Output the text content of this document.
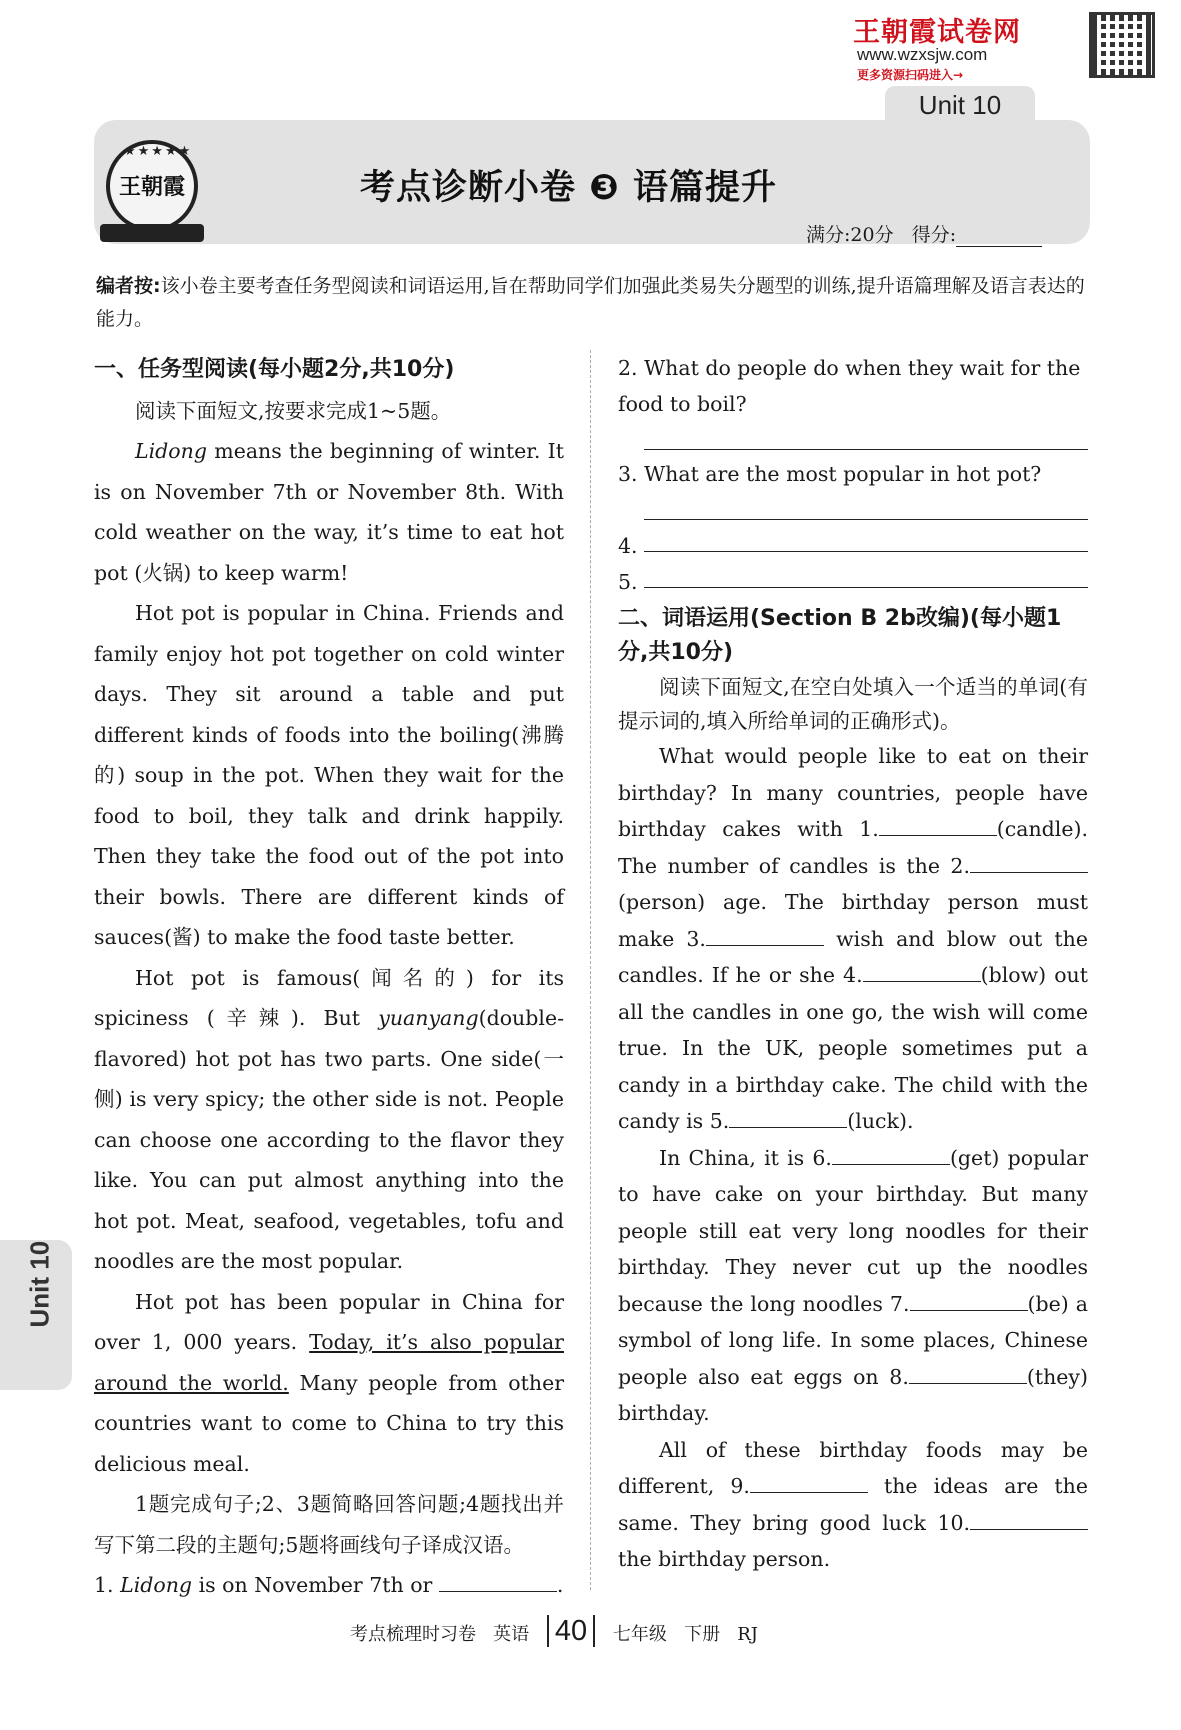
王朝霞试卷网
www.wzxsjw.com
更多资源扫码进入→
Unit 10
★★★★★
王朝霞	考点诊断小卷 ❸ 语篇提升
满分:20分 得分:
编者按:该小卷主要考查任务型阅读和词语运用,旨在帮助同学们加强此类易失分题型的训练,提升语篇理解及语言表达的能力。
一、任务型阅读(每小题2分,共10分)
阅读下面短文,按要求完成1~5题。
Lidong means the beginning of winter. It is on November 7th or November 8th. With cold weather on the way, it’s time to eat hot pot (火锅) to keep warm!
Hot pot is popular in China. Friends and family enjoy hot pot together on cold winter days. They sit around a table and put different kinds of foods into the boiling(沸腾的) soup in the pot. When they wait for the food to boil, they talk and drink happily. Then they take the food out of the pot into their bowls. There are different kinds of sauces(酱) to make the food taste better.
Hot pot is famous(闻名的) for its spiciness (辛辣). But yuanyang(double-flavored) hot pot has two parts. One side(一侧) is very spicy; the other side is not. People can choose one according to the flavor they like. You can put almost anything into the hot pot. Meat, seafood, vegetables, tofu and noodles are the most popular.
Hot pot has been popular in China for over 1, 000 years. Today, it’s also popular around the world. Many people from other countries want to come to China to try this delicious meal.
1题完成句子;2、3题简略回答问题;4题找出并写下第二段的主题句;5题将画线句子译成汉语。
1. Lidong is on November 7th or	.
2. What do people do when they wait for the food to boil?
3. What are the most popular in hot pot?
4.
5.
二、词语运用(Section B 2b改编)(每小题1分,共10分)
阅读下面短文,在空白处填入一个适当的单词(有提示词的,填入所给单词的正确形式)。
What would people like to eat on their birthday? In many countries, people have birthday cakes with 1.	(candle). The number of candles is the 2.(person) age. The birthday person must make 3.	wish and blow out the candles. If he or she 4.	(blow) out all the candles in one go, the wish will come true. In the UK, people sometimes put a candy in a birthday cake. The child with the candy is 5.	(luck).
In China, it is 6.	(get) popular to have cake on your birthday. But many people still eat very long noodles for their birthday. They never cut up the noodles because the long noodles 7.	(be) a symbol of long life. In some places, Chinese people also eat eggs on 8.	(they) birthday.
All of these birthday foods may be different, 9.	the ideas are the same. They bring good luck 10. the birthday person.
Unit 10
考点梳理时习卷 英语 40 七年级 下册 RJ
